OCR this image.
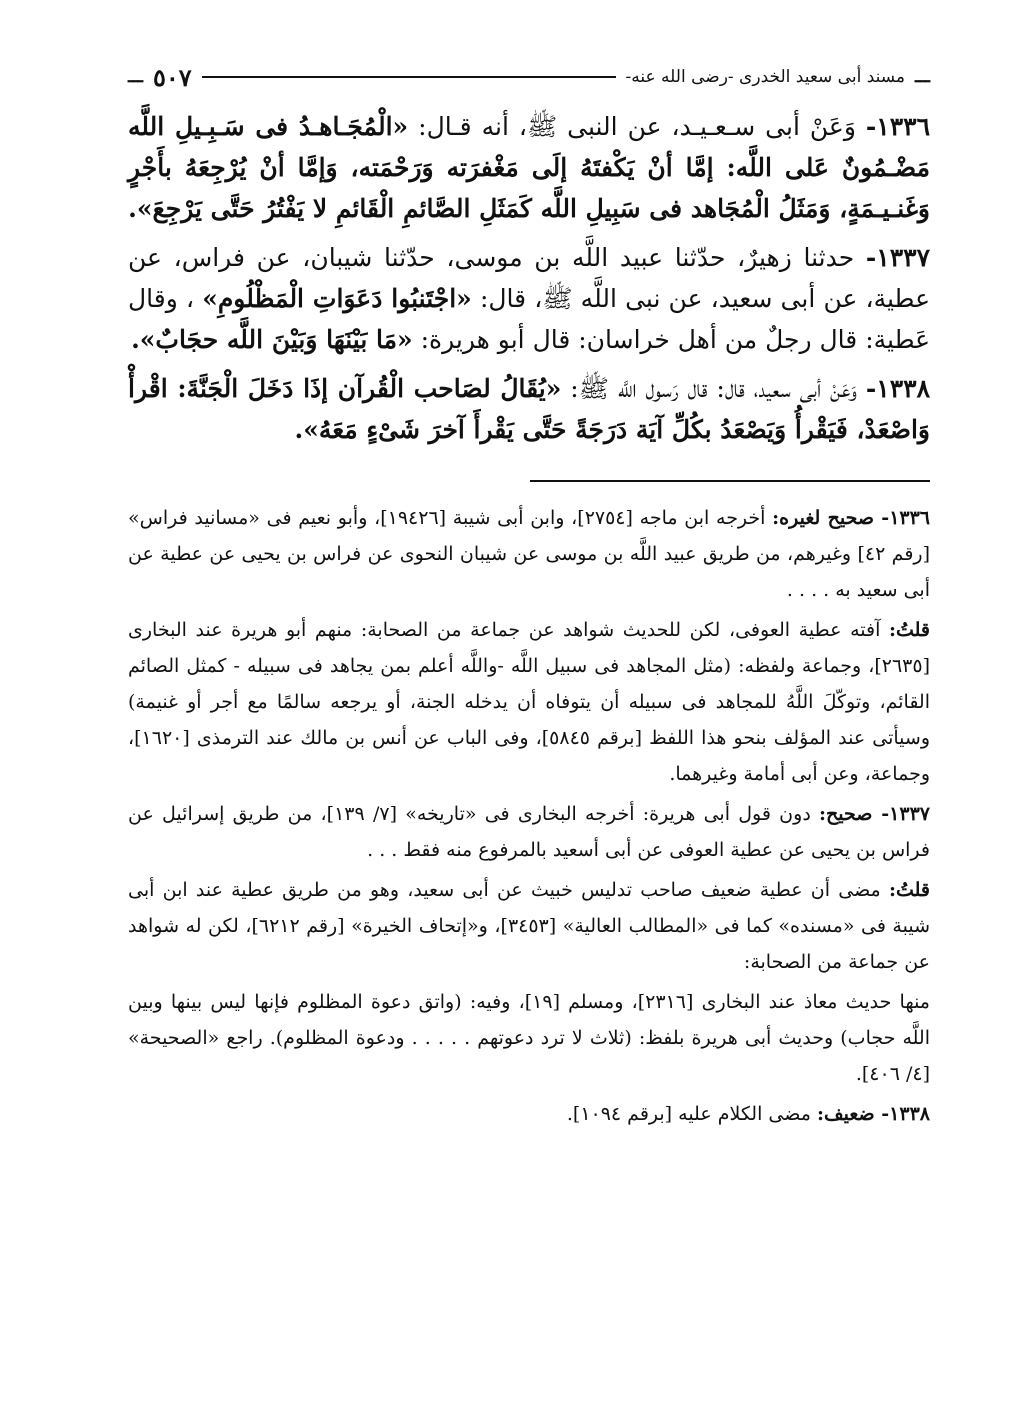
ـــ
مسند أبى سعيد الخدرى -رضى الله عنه-
٥٠٧
ـــ

١٣٣٦- وَعَنْ أبى سـعـيـد، عن النبى ﷺ، أنه قـال: «الْمُجَـاهـدُ فى سَـبِـيلِ اللَّه مَضْـمُونٌ عَلى اللَّه: إمَّا أنْ يَكْفتَهُ إلَى مَغْفرَته وَرَحْمَته، وَإمَّا أنْ يُرْجِعَهُ بأَجْرٍ وَغَنـيـمَةٍ، وَمَثَلُ الْمُجَاهد فى سَبِيلِ اللَّه كَمَثَلِ الصَّائمِ الْقَائمِ لا يَفْتُرُ حَتَّى يَرْجِعَ».

١٣٣٧- حدثنا زهيرٌ، حدّثنا عبيد اللَّه بن موسى، حدّثنا شيبان، عن فراس، عن عطية، عن أبى سعيد، عن نبى اللَّه ﷺ، قال: «اجْتَنبُوا دَعَوَاتِ الْمَظْلُومِ» ، وقال عَطية: قال رجلٌ من أهل خراسان: قال أبو هريرة: «مَا بَيْنَهَا وَبَيْنَ اللَّه حجَابٌ».

١٣٣٨- وَعَنْ أبى سعيد، قال: قال رَسول اللَّه ﷺ: «يُقَالُ لصَاحب الْقُرآن إذَا دَخَلَ الْجَنَّةَ: اقْرأْ وَاصْعَدْ، فَيَقْرأُ وَيَصْعَدُ بكُلِّ آيَة دَرَجَةً حَتَّى يَقْرأَ آخرَ شَىْءٍ مَعَهُ».

١٣٣٦- صحيح لغيره: أخرجه ابن ماجه [٢٧٥٤]، وابن أبى شيبة [١٩٤٢٦]، وأبو نعيم فى «مسانيد فراس» [رقم ٤٢] وغيرهم، من طريق عبيد اللَّه بن موسى عن شيبان النحوى عن فراس بن يحيى عن عطية عن أبى سعيد به . . . .

قلتُ: آفته عطية العوفى، لكن للحديث شواهد عن جماعة من الصحابة: منهم أبو هريرة عند البخارى [٢٦٣٥]، وجماعة ولفظه: (مثل المجاهد فى سبيل اللَّه -واللَّه أعلم بمن يجاهد فى سبيله - كمثل الصائم القائم، وتوكّلَ اللَّهُ للمجاهد فى سبيله أن يتوفاه أن يدخله الجنة، أو يرجعه سالمًا مع أجر أو غنيمة) وسيأتى عند المؤلف بنحو هذا اللفظ [برقم ٥٨٤٥]، وفى الباب عن أنس بن مالك عند الترمذى [١٦٢٠]، وجماعة، وعن أبى أمامة وغيرهما.

١٣٣٧- صحيح: دون قول أبى هريرة: أخرجه البخارى فى «تاريخه» [٧/ ١٣٩]، من طريق إسرائيل عن فراس بن يحيى عن عطية العوفى عن أبى أسعيد بالمرفوع منه فقط . . .

قلتُ: مضى أن عطية ضعيف صاحب تدليس خبيث عن أبى سعيد، وهو من طريق عطية عند ابن أبى شيبة فى «مسنده» كما فى «المطالب العالية» [٣٤٥٣]، و«إتحاف الخيرة» [رقم ٦٢١٢]، لكن له شواهد عن جماعة من الصحابة:

منها حديث معاذ عند البخارى [٢٣١٦]، ومسلم [١٩]، وفيه: (واتق دعوة المظلوم فإنها ليس بينها وبين اللَّه حجاب) وحديث أبى هريرة بلفظ: (ثلاث لا ترد دعوتهم . . . . . ودعوة المظلوم). راجع «الصحيحة» [٤/ ٤٠٦].

١٣٣٨- ضعيف: مضى الكلام عليه [برقم ١٠٩٤].
